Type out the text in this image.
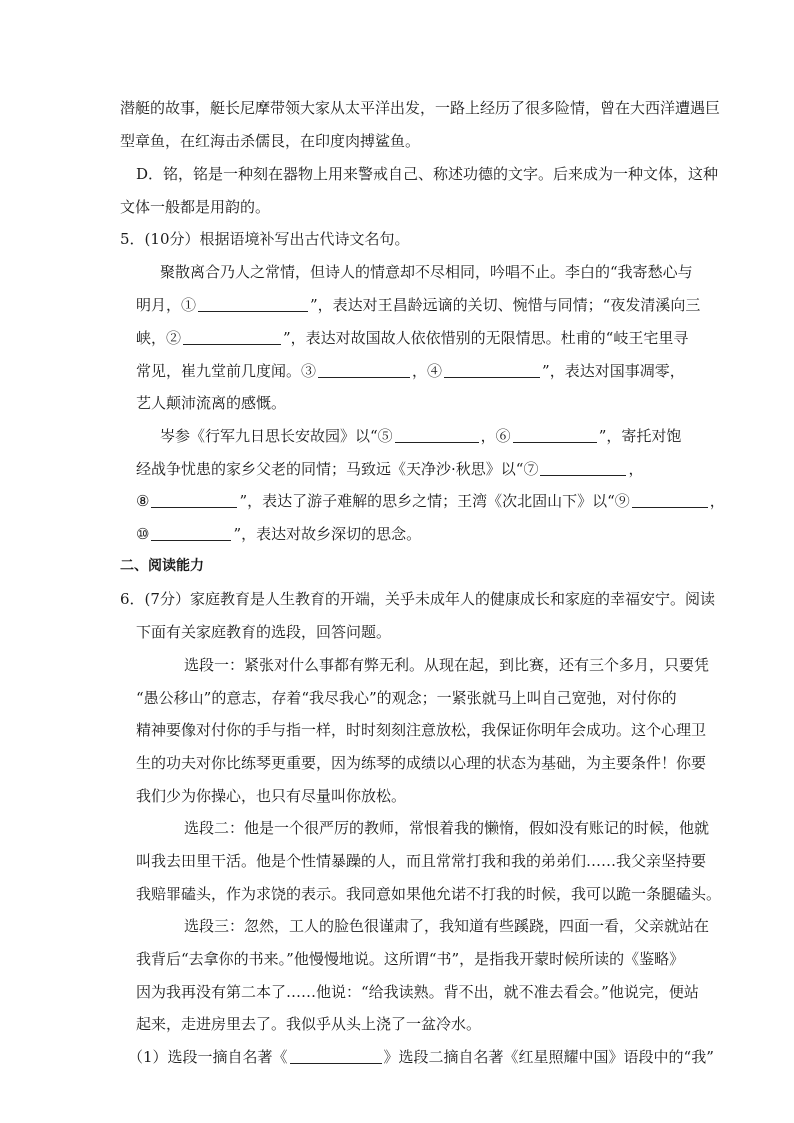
潜艇的故事，艇长尼摩带领大家从太平洋出发，一路上经历了很多险情，曾在大西洋遭遇巨
型章鱼，在红海击杀儒艮，在印度肉搏鲨鱼。
D．铭，铭是一种刻在器物上用来警戒自己、称述功德的文字。后来成为一种文体，这种
文体一般都是用韵的。
5．(10分）根据语境补写出古代诗文名句。
聚散离合乃人之常情，但诗人的情意却不尽相同，吟唱不止。李白的“我寄愁心与
明月，①	”，表达对王昌龄远谪的关切、惋惜与同情；“夜发清溪向三
峡，②	”，表达对故国故人依依惜别的无限情思。杜甫的“岐王宅里寻
常见，崔九堂前几度闻。③	，④	”，表达对国事凋零，
艺人颠沛流离的感慨。
岑参《行军九日思长安故园》以“⑤	，⑥	”，寄托对饱
经战争忧患的家乡父老的同情；马致远《天净沙·秋思》以“⑦	，
⑧	”，表达了游子难解的思乡之情；王湾《次北固山下》以“⑨	，
⑩	”，表达对故乡深切的思念。
二、阅读能力
6．(7分）家庭教育是人生教育的开端，关乎未成年人的健康成长和家庭的幸福安宁。阅读
下面有关家庭教育的选段，回答问题。
选段一：紧张对什么事都有弊无利。从现在起，到比赛，还有三个多月，只要凭
“愚公移山”的意志，存着“我尽我心”的观念；一紧张就马上叫自己宽弛，对付你的
精神要像对付你的手与指一样，时时刻刻注意放松，我保证你明年会成功。这个心理卫
生的功夫对你比练琴更重要，因为练琴的成绩以心理的状态为基础，为主要条件！你要
我们少为你操心，也只有尽量叫你放松。
选段二：他是一个很严厉的教师，常恨着我的懒惰，假如没有账记的时候，他就
叫我去田里干活。他是个性情暴躁的人，而且常常打我和我的弟弟们……我父亲坚持要
我赔罪磕头，作为求饶的表示。我同意如果他允诺不打我的时候，我可以跪一条腿磕头。
选段三：忽然，工人的脸色很谨肃了，我知道有些蹊跷，四面一看，父亲就站在
我背后“去拿你的书来。”他慢慢地说。这所谓“书”，是指我开蒙时候所读的《鉴略》
因为我再没有第二本了……他说：“给我读熟。背不出，就不准去看会。”他说完，便站
起来，走进房里去了。我似乎从头上浇了一盆冷水。
（1）选段一摘自名著《	》选段二摘自名著《红星照耀中国》语段中的“我”
